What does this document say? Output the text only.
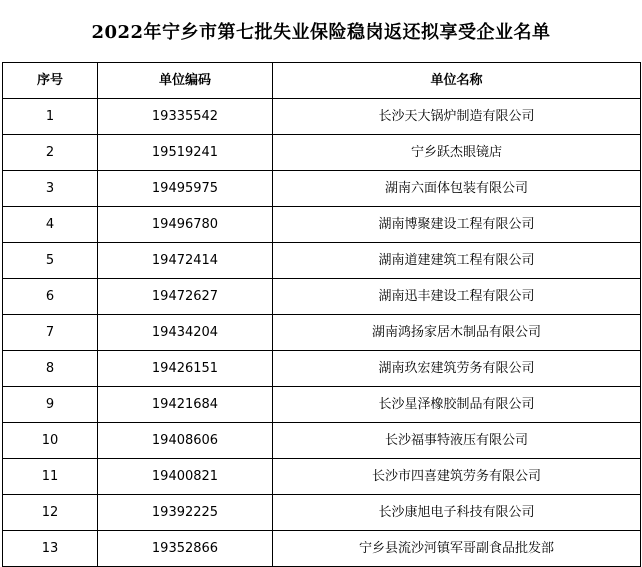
2022年宁乡市第七批失业保险稳岗返还拟享受企业名单
序号	单位编码	单位名称
1	19335542	长沙天大锅炉制造有限公司
2	19519241	宁乡跃杰眼镜店
3	19495975	湖南六面体包装有限公司
4	19496780	湖南博聚建设工程有限公司
5	19472414	湖南道建建筑工程有限公司
6	19472627	湖南迅丰建设工程有限公司
7	19434204	湖南鸿扬家居木制品有限公司
8	19426151	湖南玖宏建筑劳务有限公司
9	19421684	长沙星泽橡胶制品有限公司
10	19408606	长沙福事特液压有限公司
11	19400821	长沙市四喜建筑劳务有限公司
12	19392225	长沙康旭电子科技有限公司
13	19352866	宁乡县流沙河镇军哥副食品批发部
